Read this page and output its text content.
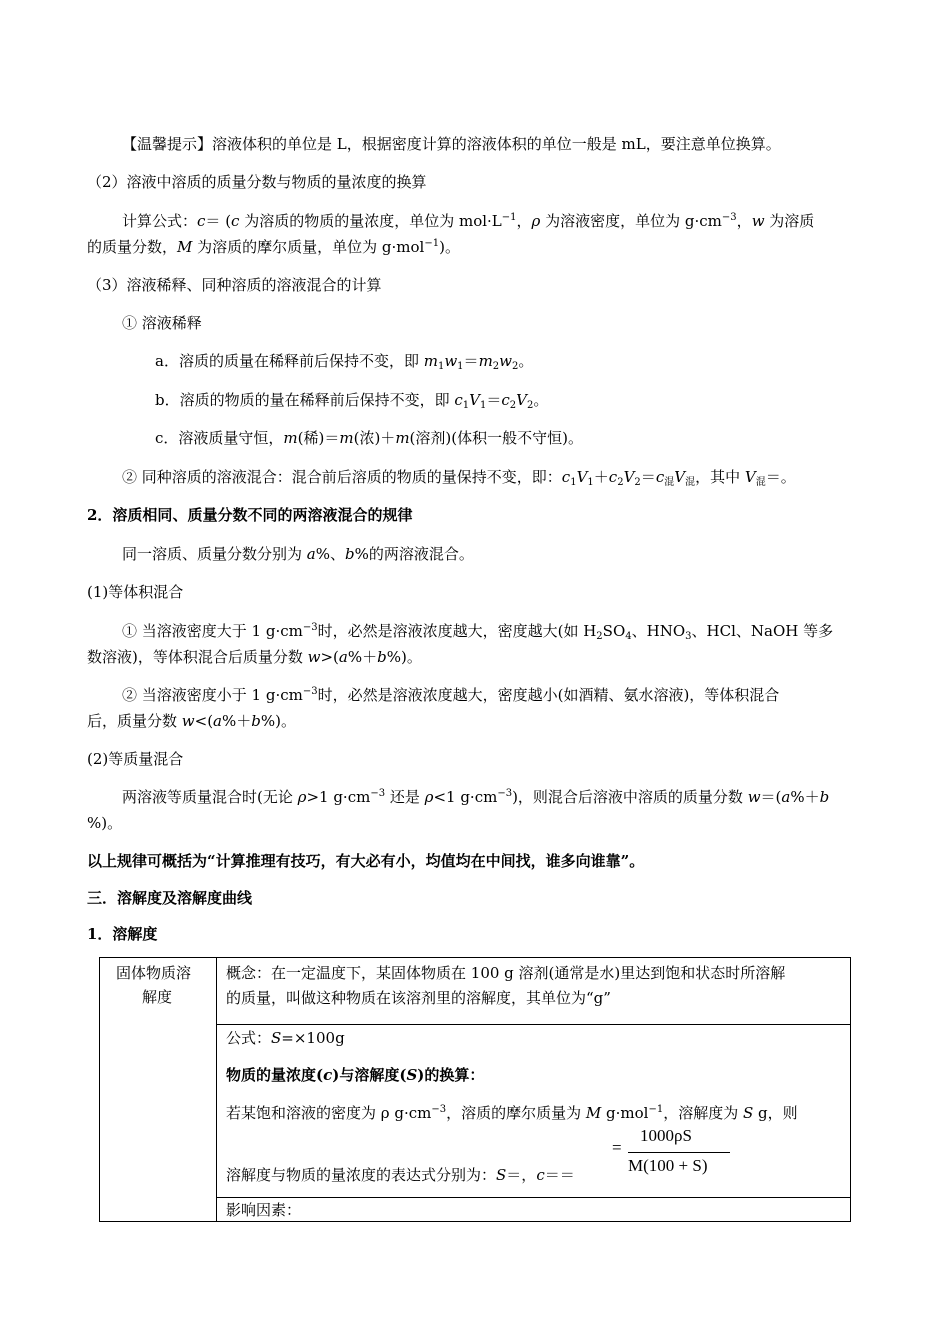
【温馨提示】溶液体积的单位是 L，根据密度计算的溶液体积的单位一般是 mL，要注意单位换算。
（2）溶液中溶质的质量分数与物质的量浓度的换算
计算公式：c＝ (c 为溶质的物质的量浓度，单位为 $mol\cdot L^{-1}$，ρ 为溶液密度，单位为 $g\cdot cm^{-3}$，w 为溶质
的质量分数，M 为溶质的摩尔质量，单位为 g·mol$^{-1}$)。
（3）溶液稀释、同种溶质的溶液混合的计算
① 溶液稀释
a．溶质的质量在稀释前后保持不变，即 $m_1w_1=m_2w_2$。
b．溶质的物质的量在稀释前后保持不变，即 $c_1V_1=c_2V_2$。
c．溶液质量守恒，m(稀)＝m(浓)＋m(溶剂)(体积一般不守恒)。
② 同种溶质的溶液混合：混合前后溶质的物质的量保持不变，即：$c_1V_1+c_2V_2=c_混V_混$，其中 $V_混=$。
2．溶质相同、质量分数不同的两溶液混合的规律
同一溶质、质量分数分别为 a%、b%的两溶液混合。
(1)等体积混合
① 当溶液密度大于 1 $g\cdot cm^{-3}$时，必然是溶液浓度越大，密度越大(如 $H_2SO_4$、$HNO_3$、HCl、NaOH 等多
数溶液)，等体积混合后质量分数 w>(a%＋b%)。
② 当溶液密度小于 1 $g\cdot cm^{-3}$时，必然是溶液浓度越大，密度越小(如酒精、氨水溶液)，等体积混合
后，质量分数 w<(a%＋b%)。
(2)等质量混合
两溶液等质量混合时(无论 ρ>1 $g\cdot cm^{-3}$ 还是 ρ<1 $g\cdot cm^{-3}$)，则混合后溶液中溶质的质量分数 w＝(a%＋b
%)。
以上规律可概括为“计算推理有技巧，有大必有小，均值均在中间找，谁多向谁靠”。
三．溶解度及溶解度曲线
1．溶解度
固体物质溶
解度
概念：在一定温度下，某固体物质在 100 g 溶剂(通常是水)里达到饱和状态时所溶解
的质量，叫做这种物质在该溶剂里的溶解度，其单位为“g”
公式：S=×100g
物质的量浓度(c)与溶解度(S)的换算：
若某饱和溶液的密度为 ρ $g\cdot cm^{-3}$，溶质的摩尔质量为 M g·mol$^{-1}$，溶解度为 S g，则
溶解度与物质的量浓度的表达式分别为：S＝，c＝＝
影响因素：
=
1000ρS
M(100 + S)
